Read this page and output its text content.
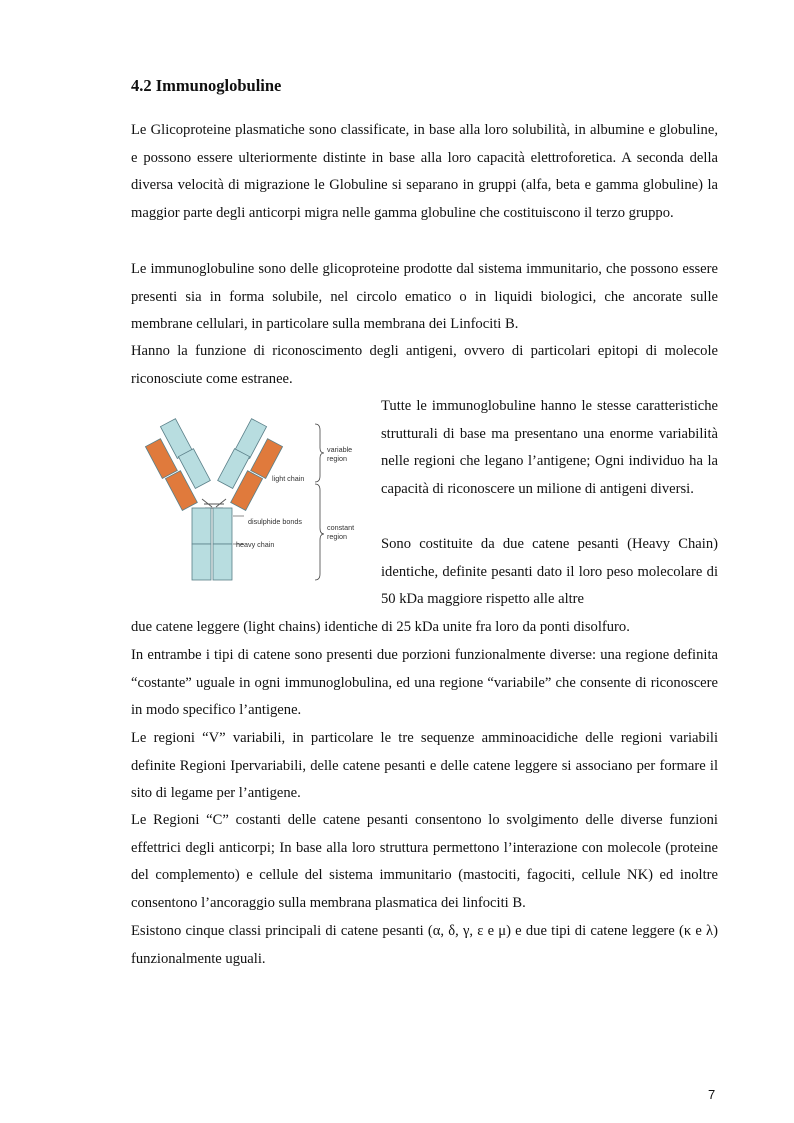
4.2 Immunoglobuline

Le Glicoproteine plasmatiche sono classificate, in base alla loro solubilità, in albumine e globuline, e possono essere ulteriormente distinte in base alla loro capacità elettroforetica. A seconda della diversa velocità di migrazione le Globuline si separano in gruppi (alfa, beta e gamma globuline) la maggior parte degli anticorpi migra nelle gamma globuline che costituiscono il terzo gruppo.

Le immunoglobuline sono delle glicoproteine prodotte dal sistema immunitario, che possono essere presenti sia in forma solubile, nel circolo ematico o in liquidi biologici, che ancorate sulle membrane cellulari, in particolare sulla membrana dei Linfociti B.

Hanno la funzione di riconoscimento degli antigeni, ovvero di particolari epitopi di molecole riconosciute come estranee.

variable
region
light chain
disulphide bonds
heavy chain
constant
region

Tutte le immunoglobuline hanno le stesse caratteristiche strutturali di base ma presentano una enorme variabilità nelle regioni che legano l’antigene; Ogni individuo ha la capacità di riconoscere un milione di antigeni diversi.

Sono costituite da due catene pesanti (Heavy Chain) identiche, definite pesanti dato il loro peso molecolare di 50 kDa maggiore rispetto alle altre

due catene leggere (light chains) identiche di 25 kDa unite fra loro da ponti disolfuro.

In entrambe i tipi di catene sono presenti due porzioni funzionalmente diverse: una regione definita “costante” uguale in ogni immunoglobulina, ed una regione “variabile” che consente di riconoscere in modo specifico l’antigene.

Le regioni “V” variabili, in particolare le tre sequenze amminoacidiche delle regioni variabili definite Regioni Ipervariabili, delle catene pesanti e delle catene leggere si associano per formare il sito di legame per l’antigene.

Le Regioni “C” costanti delle catene pesanti consentono lo svolgimento delle diverse funzioni effettrici degli anticorpi; In base alla loro struttura permettono l’interazione con molecole (proteine del complemento) e cellule del sistema immunitario (mastociti, fagociti, cellule NK) ed inoltre consentono l’ancoraggio sulla membrana plasmatica dei linfociti B.

Esistono cinque classi principali di catene pesanti (α, δ, γ, ε e μ) e due tipi di catene leggere (κ e λ) funzionalmente uguali.

7
